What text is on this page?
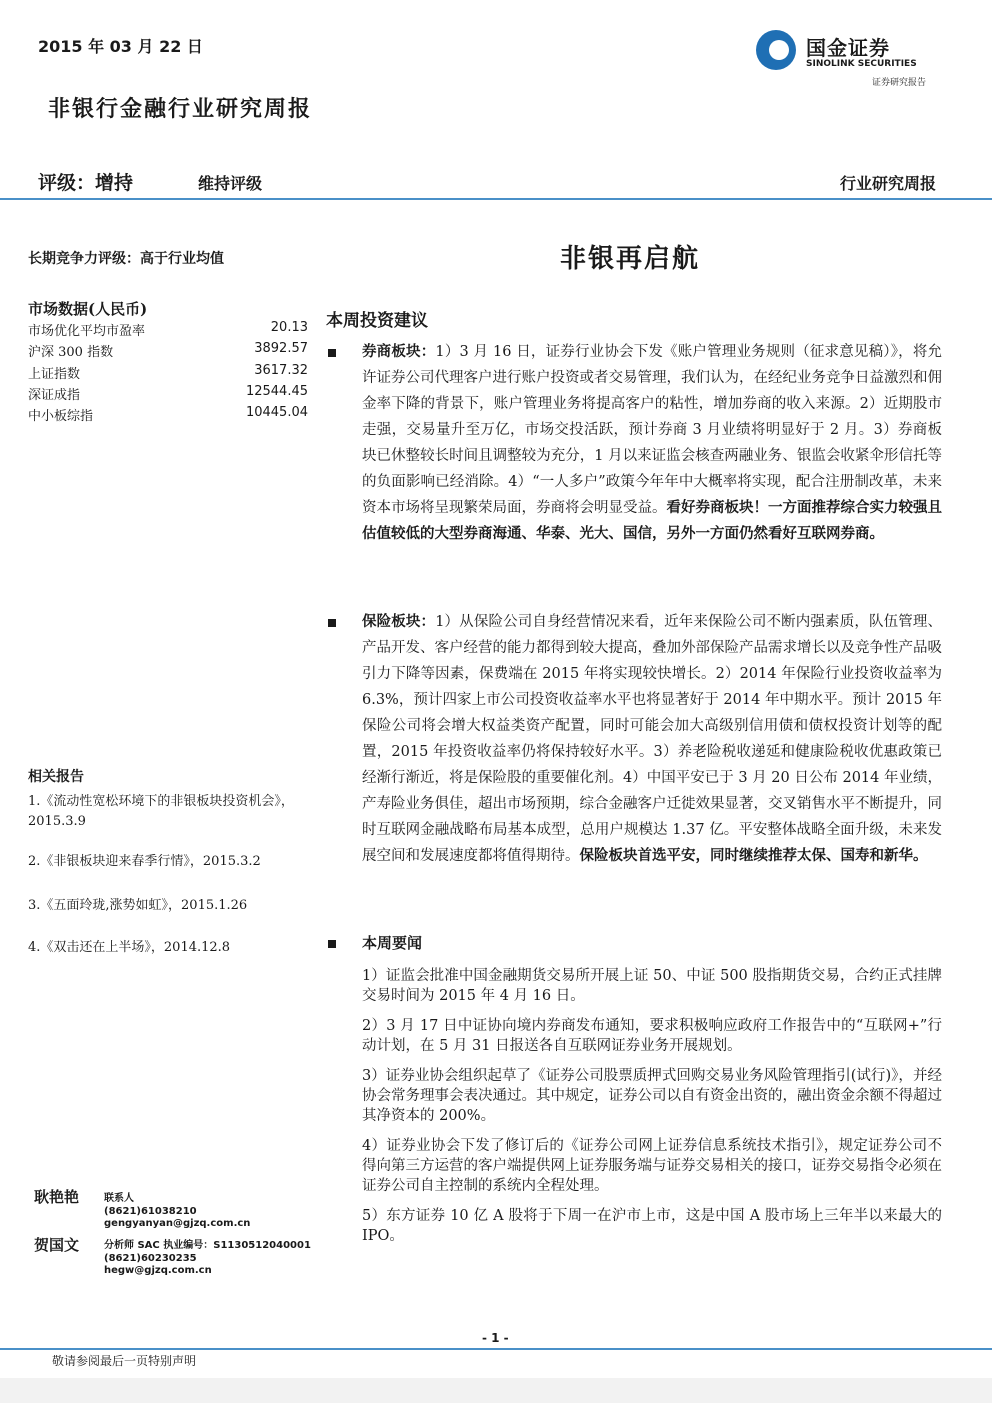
2015 年 03 月 22 日
非银行金融行业研究周报
国金证券
SINOLINK SECURITIES
证券研究报告
评级：增持	维持评级	行业研究周报
长期竞争力评级：高于行业均值	非银再启航
市场数据(人民币)
市场优化平均市盈率	20.13
沪深 300 指数	3892.57
上证指数	3617.32
深证成指	12544.45
中小板综指	10445.04
相关报告
1.《流动性宽松环境下的非银板块投资机会》，2015.3.9
2.《非银板块迎来春季行情》，2015.3.2
3.《五面玲珑,涨势如虹》，2015.1.26
4.《双击还在上半场》，2014.12.8
耿艳艳 联系人
(8621)61038210
gengyanyan@gjzq.com.cn
贺国文 分析师 SAC 执业编号：S1130512040001
(8621)60230235
hegw@gjzq.com.cn
本周投资建议
券商板块：1）3 月 16 日，证券行业协会下发《账户管理业务规则（征求意见稿）》，将允许证券公司代理客户进行账户投资或者交易管理，我们认为，在经纪业务竞争日益激烈和佣金率下降的背景下，账户管理业务将提高客户的粘性，增加券商的收入来源。2）近期股市走强，交易量升至万亿，市场交投活跃，预计券商 3 月业绩将明显好于 2 月。3）券商板块已休整较长时间且调整较为充分，1 月以来证监会核查两融业务、银监会收紧伞形信托等的负面影响已经消除。4）“一人多户”政策今年年中大概率将实现，配合注册制改革，未来资本市场将呈现繁荣局面，券商将会明显受益。看好券商板块！一方面推荐综合实力较强且估值较低的大型券商海通、华泰、光大、国信，另外一方面仍然看好互联网券商。
保险板块：1）从保险公司自身经营情况来看，近年来保险公司不断内强素质，队伍管理、产品开发、客户经营的能力都得到较大提高，叠加外部保险产品需求增长以及竞争性产品吸引力下降等因素，保费端在 2015 年将实现较快增长。2）2014 年保险行业投资收益率为 6.3%，预计四家上市公司投资收益率水平也将显著好于 2014 年中期水平。预计 2015 年保险公司将会增大权益类资产配置，同时可能会加大高级别信用债和债权投资计划等的配置，2015 年投资收益率仍将保持较好水平。3）养老险税收递延和健康险税收优惠政策已经渐行渐近，将是保险股的重要催化剂。4）中国平安已于 3 月 20 日公布 2014 年业绩，产寿险业务俱佳，超出市场预期，综合金融客户迁徙效果显著，交叉销售水平不断提升，同时互联网金融战略布局基本成型，总用户规模达 1.37 亿。平安整体战略全面升级，未来发展空间和发展速度都将值得期待。保险板块首选平安，同时继续推荐太保、国寿和新华。
本周要闻
1）证监会批准中国金融期货交易所开展上证 50、中证 500 股指期货交易，合约正式挂牌交易时间为 2015 年 4 月 16 日。
2）3 月 17 日中证协向境内券商发布通知，要求积极响应政府工作报告中的“互联网+”行动计划，在 5 月 31 日报送各自互联网证券业务开展规划。
3）证券业协会组织起草了《证券公司股票质押式回购交易业务风险管理指引(试行)》，并经协会常务理事会表决通过。其中规定，证券公司以自有资金出资的，融出资金余额不得超过其净资本的 200%。
4）证券业协会下发了修订后的《证券公司网上证券信息系统技术指引》，规定证券公司不得向第三方运营的客户端提供网上证券服务端与证券交易相关的接口，证券交易指令必须在证券公司自主控制的系统内全程处理。
5）东方证券 10 亿 A 股将于下周一在沪市上市，这是中国 A 股市场上三年半以来最大的 IPO。
- 1 -
敬请参阅最后一页特别声明
